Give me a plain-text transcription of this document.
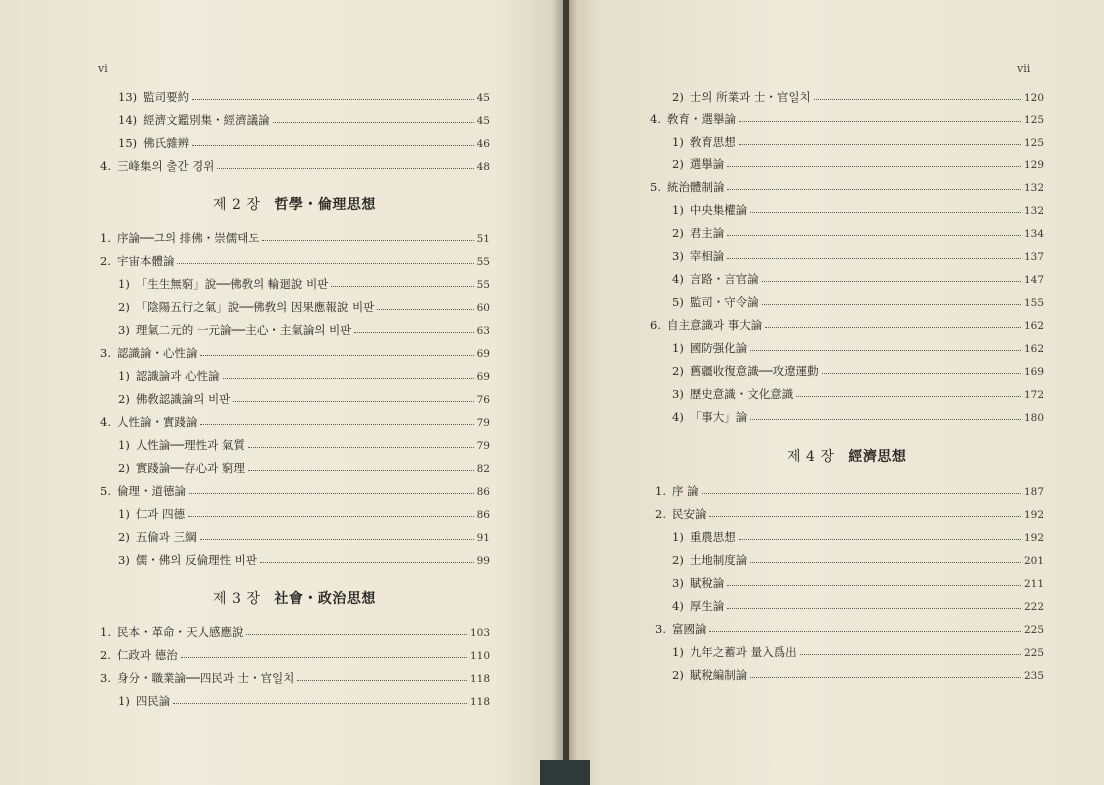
vi
13) 監司要約	45
14) 經濟文鑑別集・經濟議論	45
15) 佛氏雜辨	46
4. 三峰集의 출간 경위	48
1. 序論──그의 排佛・崇儒태도	51
2. 宇宙本體論	55
1) 「生生無窮」說──佛敎의 輪廻說 비판	55
2) 「陰陽五行之氣」說──佛敎의 因果應報說 비판	60
3) 理氣二元的 一元論──主心・主氣論의 비판	63
3. 認識論・心性論	69
1) 認識論과 心性論	69
2) 佛敎認識論의 비판	76
4. 人性論・實踐論	79
1) 人性論──理性과 氣質	79
2) 實踐論──存心과 窮理	82
5. 倫理・道德論	86
1) 仁과 四德	86
2) 五倫과 三綱	91
3) 儒・佛의 反倫理性 비판	99
1. 民本・革命・天人感應說	103
2. 仁政과 德治	110
3. 身分・職業論──四民과 士・官일치	118
1) 四民論	118
제 2 장 哲學・倫理思想
제 3 장 社會・政治思想
vii
2) 士의 所業과 士・官일치	120
4. 敎育・選擧論	125
1) 敎育思想	125
2) 選擧論	129
5. 統治體制論	132
1) 中央集權論	132
2) 君主論	134
3) 宰相論	137
4) 言路・言官論	147
5) 監司・守令論	155
6. 自主意識과 事大論	162
1) 國防强化論	162
2) 舊疆收復意識──攻遼運動	169
3) 歷史意識・文化意識	172
4) 「事大」論	180
1. 序 論	187
2. 民安論	192
1) 重農思想	192
2) 土地制度論	201
3) 賦稅論	211
4) 厚生論	222
3. 富國論	225
1) 九年之蓄과 量入爲出	225
2) 賦稅編制論	235
제 4 장 經濟思想
